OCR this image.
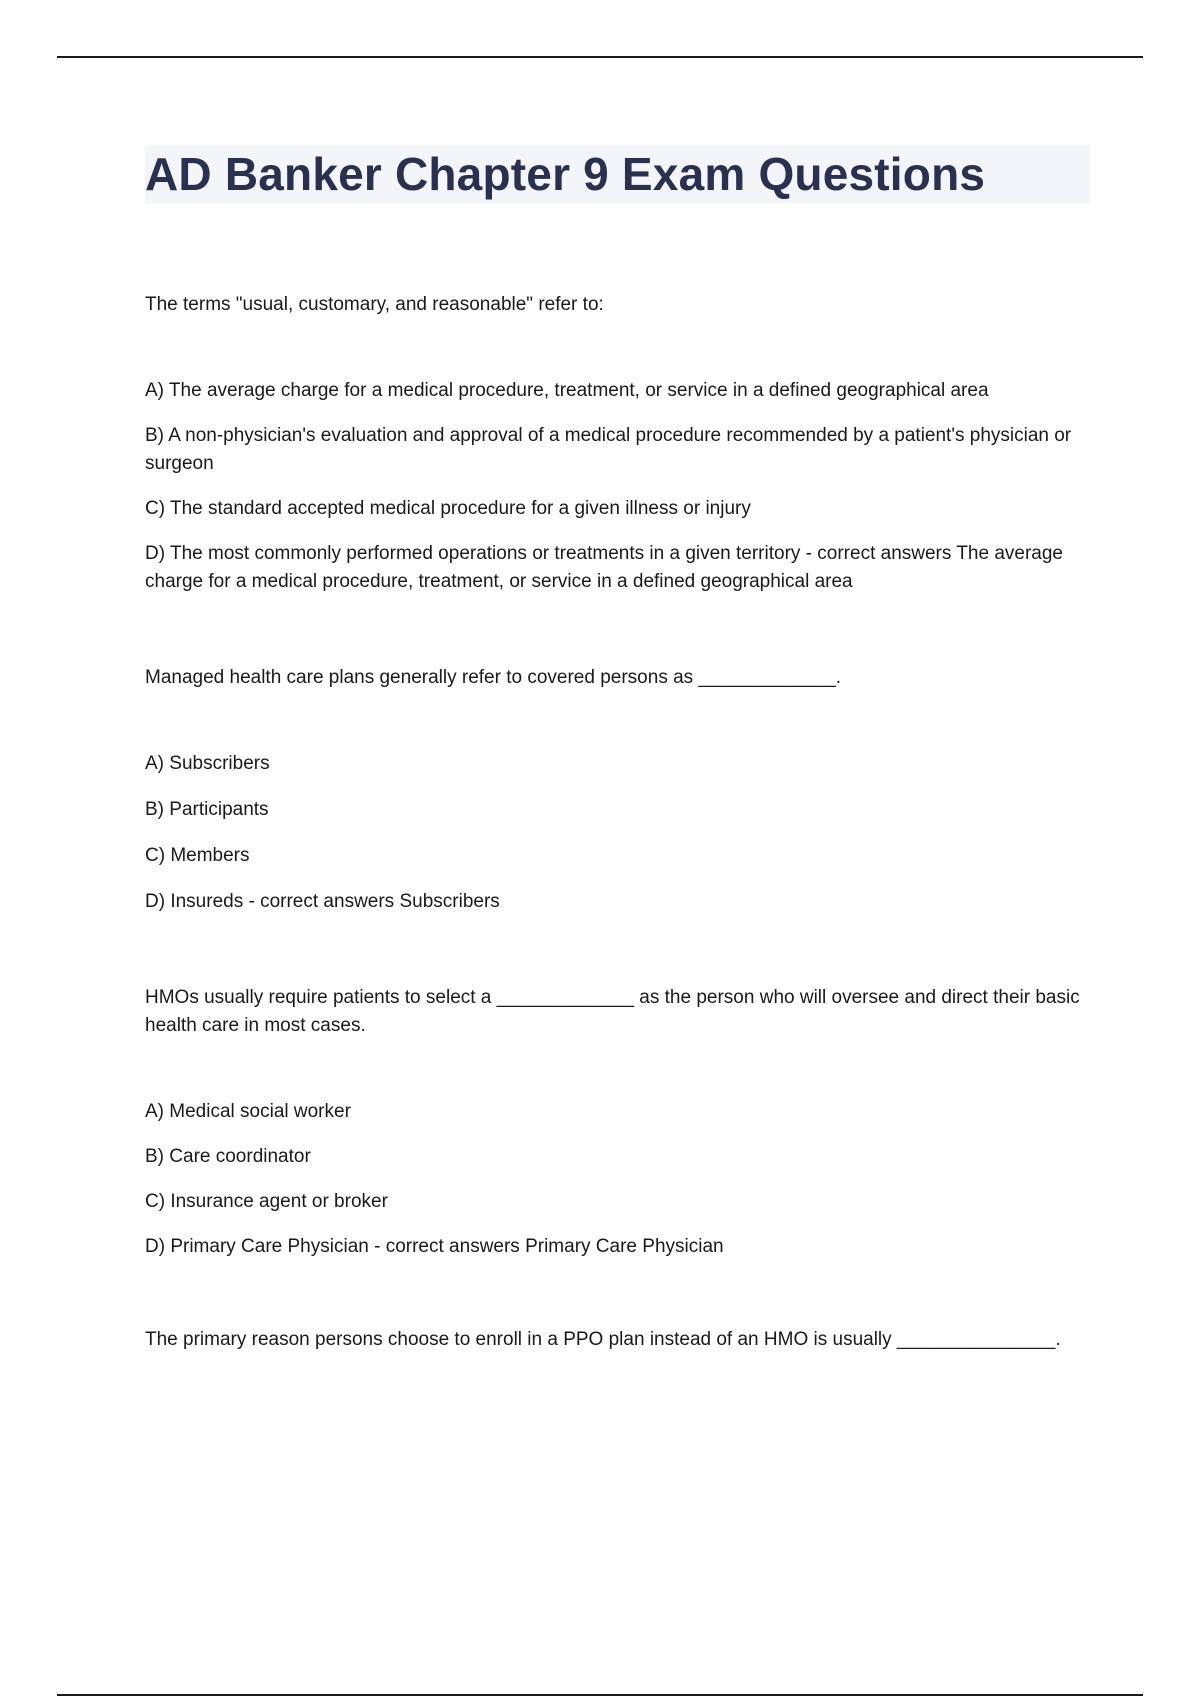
AD Banker Chapter 9 Exam Questions

The terms "usual, customary, and reasonable" refer to:

A) The average charge for a medical procedure, treatment, or service in a defined geographical area

B) A non-physician's evaluation and approval of a medical procedure recommended by a patient's physician or surgeon

C) The standard accepted medical procedure for a given illness or injury

D) The most commonly performed operations or treatments in a given territory - correct answers The average charge for a medical procedure, treatment, or service in a defined geographical area

Managed health care plans generally refer to covered persons as _____________.

A) Subscribers

B) Participants

C) Members

D) Insureds - correct answers Subscribers

HMOs usually require patients to select a _____________ as the person who will oversee and direct their basic health care in most cases.

A) Medical social worker

B) Care coordinator

C) Insurance agent or broker

D) Primary Care Physician - correct answers Primary Care Physician

The primary reason persons choose to enroll in a PPO plan instead of an HMO is usually _______________.
